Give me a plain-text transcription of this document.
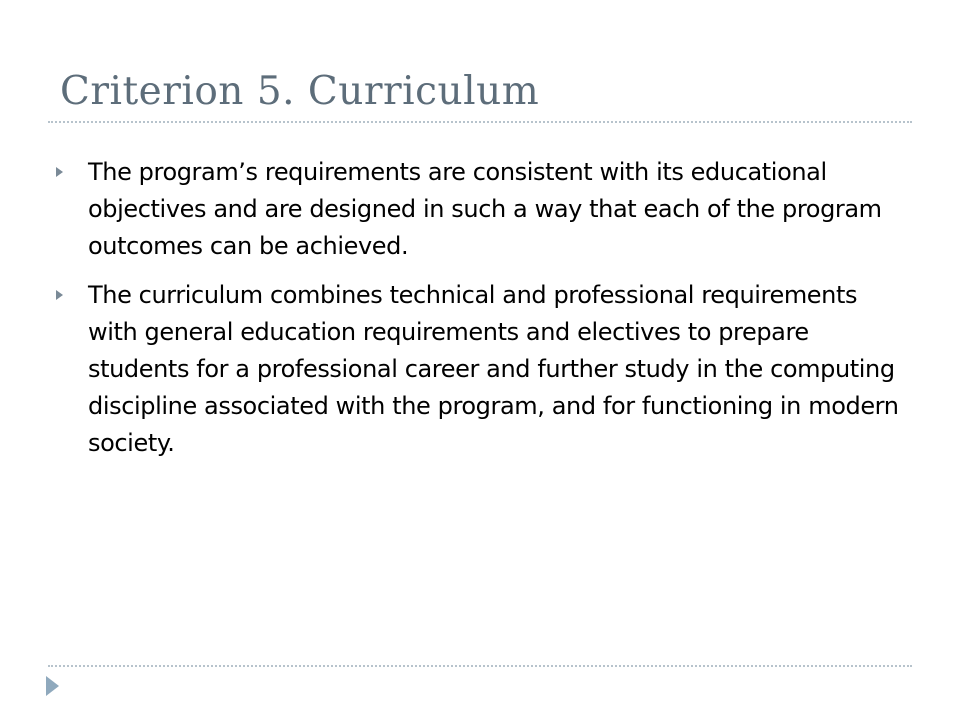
Criterion 5. Curriculum
The program’s requirements are consistent with its educational objectives and are designed in such a way that each of the program outcomes can be achieved.
The curriculum combines technical and professional requirements with general education requirements and electives to prepare students for a professional career and further study in the computing discipline associated with the program, and for functioning in modern society.
